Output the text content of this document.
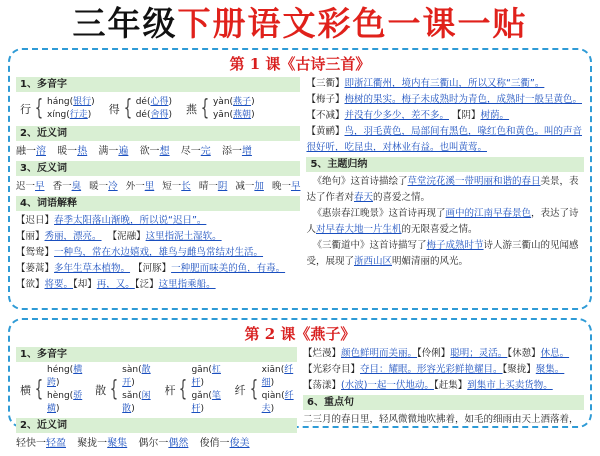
三年级下册语文彩色一课一贴
第 1 课《古诗三首》
1、多音字
行 { háng(银行)
xíng(行走)	得 { dé(心得)
dé(舍得) 燕 { yàn(燕子)
yān(燕朝)
2、近义词
融一溶 暖一热 满一遍 欲一想 尽一完 添一增
3、反义词
迟一早 香一臭 暖一冷 外一里 短一长 晴一阴 减一加 晚一早
4、词语解释
【迟日】春季太阳落山渐晚，所以说“迟日”。
【丽】秀丽，漂亮。 【泥融】这里指泥土湿软。
【鸳鸯】一种鸟，常在水边嬉戏，雄鸟与雌鸟常结对生活。
【蒌蒿】多年生草本植物。 【河豚】一种肥而味美的鱼，有毒。
【欲】将要。【却】再，又。【泛】这里指乘船。
【三衢】即浙江衢州，境内有三衢山，所以又称“三衢”。
【梅子】梅树的果实。梅子未成熟时为青色，成熟时一般呈黄色。
【不减】并没有少多少，差不多。 【阴】树荫。
【黄鹂】鸟，羽毛黄色，局部间有黑色，喙红色和黄色。叫的声音很好听，吃昆虫，对林业有益。也叫黄莺。
5、主题归纳
《绝句》这首诗描绘了草堂浣花溪一带明丽和谐的春日美景，表达了作者对春天的喜爱之情。
《惠崇春江晚景》这首诗再现了画中的江南早春景色，表达了诗人对早春大地一片生机的无限喜爱之情。
《三衢道中》这首诗描写了梅子成熟时节诗人游三衢山的见闻感受，展现了浙西山区明媚清丽的风光。
第 2 课《燕子》
1、多音字
横 {
héng(横跨)
hèng(骄横)
散 {
sàn(散开)
sǎn(闲散)
杆 {
gān(杠杆)
gǎn(笔杆)
纤 {
xiān(纤细)
qiàn(纤夫)
2、近义词
轻快一轻盈 聚拢一聚集 偶尔一偶然 俊俏一俊美
【烂漫】颜色鲜明而美丽。【伶俐】聪明；灵活。【休憩】休息。
【光彩夺目】夺目：耀眼。形容光彩鲜艳耀目。【聚拢】聚集。
【荡漾】(水波)一起一伏地动。【赶集】到集市上买卖货物。
6、重点句
二三月的春日里，轻风微微地吹拂着，如毛的细雨由天上洒落着，
